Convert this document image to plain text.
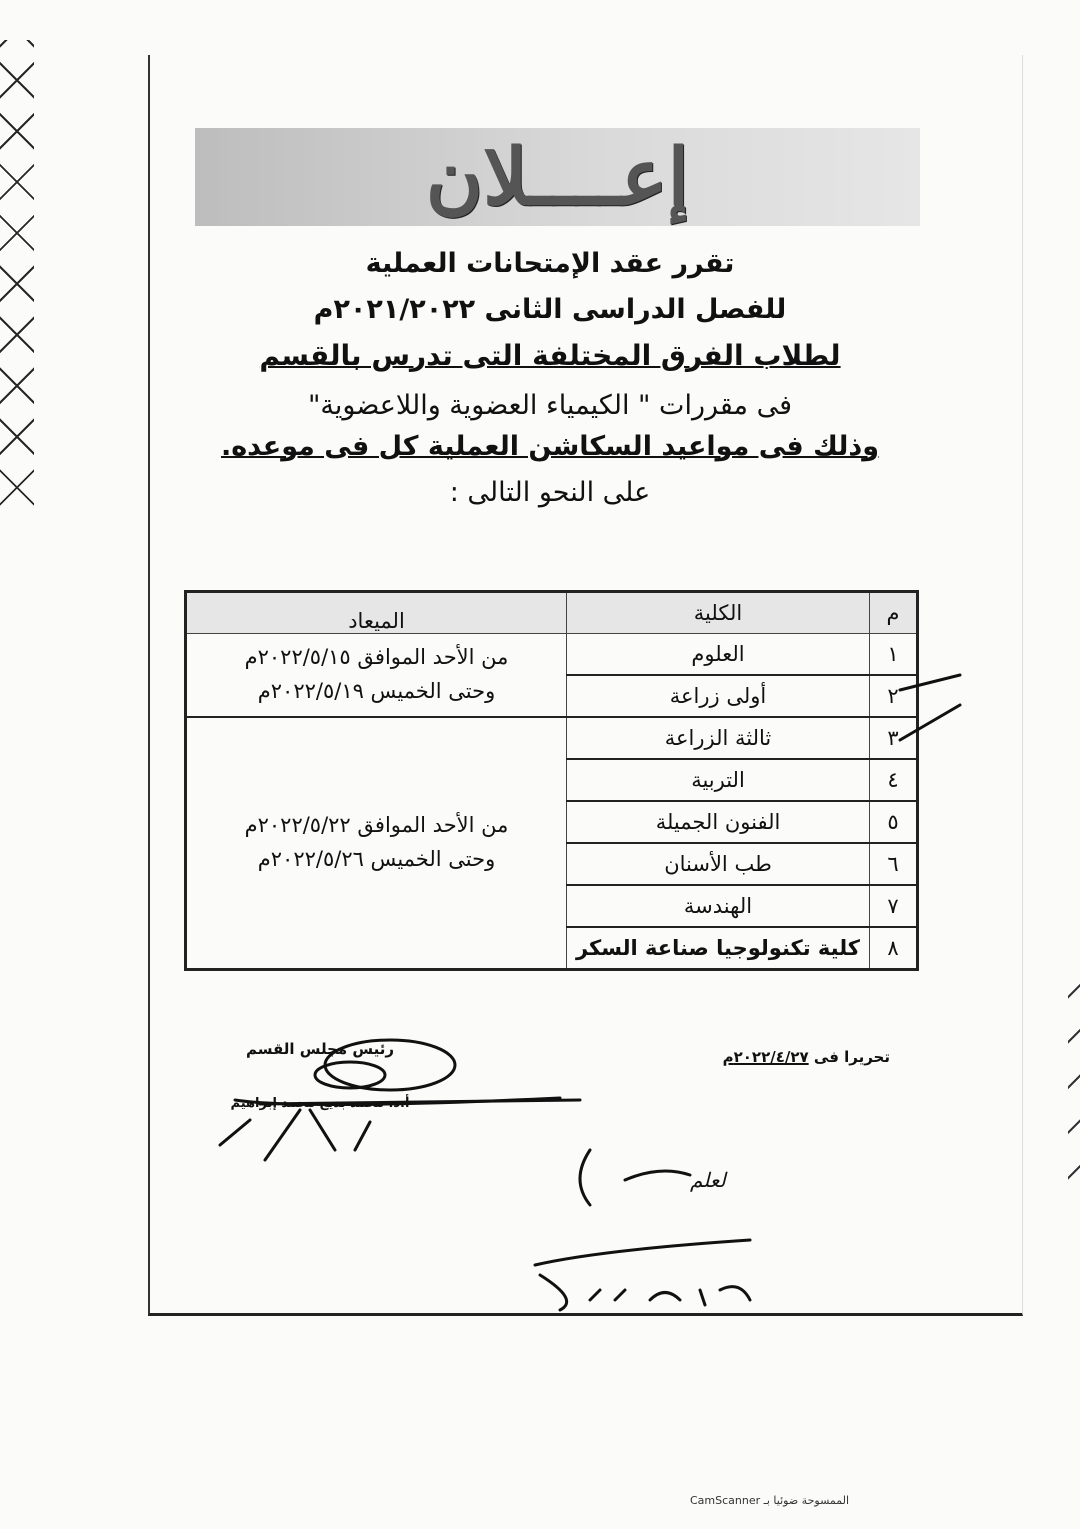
إعــــلان

تقرر عقد الإمتحانات العملية

للفصل الدراسى الثانى ٢٠٢١/٢٠٢٢م

لطلاب الفرق المختلفة التى تدرس بالقسم

فى مقررات " الكيمياء العضوية واللاعضوية"

وذلك فى مواعيد السكاشن العملية كل فى موعده.

على النحو التالى :

م	الكلية	الميعاد
١	العلوم	من الأحد الموافق ٢٠٢٢/٥/١٥م
وحتى الخميس ٢٠٢٢/٥/١٩م

٢	أولى زراعة	
٣	ثالثة الزراعة	من الأحد الموافق ٢٠٢٢/٥/٢٢م
وحتى الخميس ٢٠٢٢/٥/٢٦م

٤	التربية	
٥	الفنون الجميلة	
٦	طب الأسنان	
٧	الهندسة	
٨	كلية تكنولوجيا صناعة السكر	
رئيس مجلس القسم
أ.د. محمد بديع محمد إبراهيم
تحريرا فى ٢٠٢٢/٤/٢٧م
لعلم
الممسوحة ضوئيا بـ CamScanner
